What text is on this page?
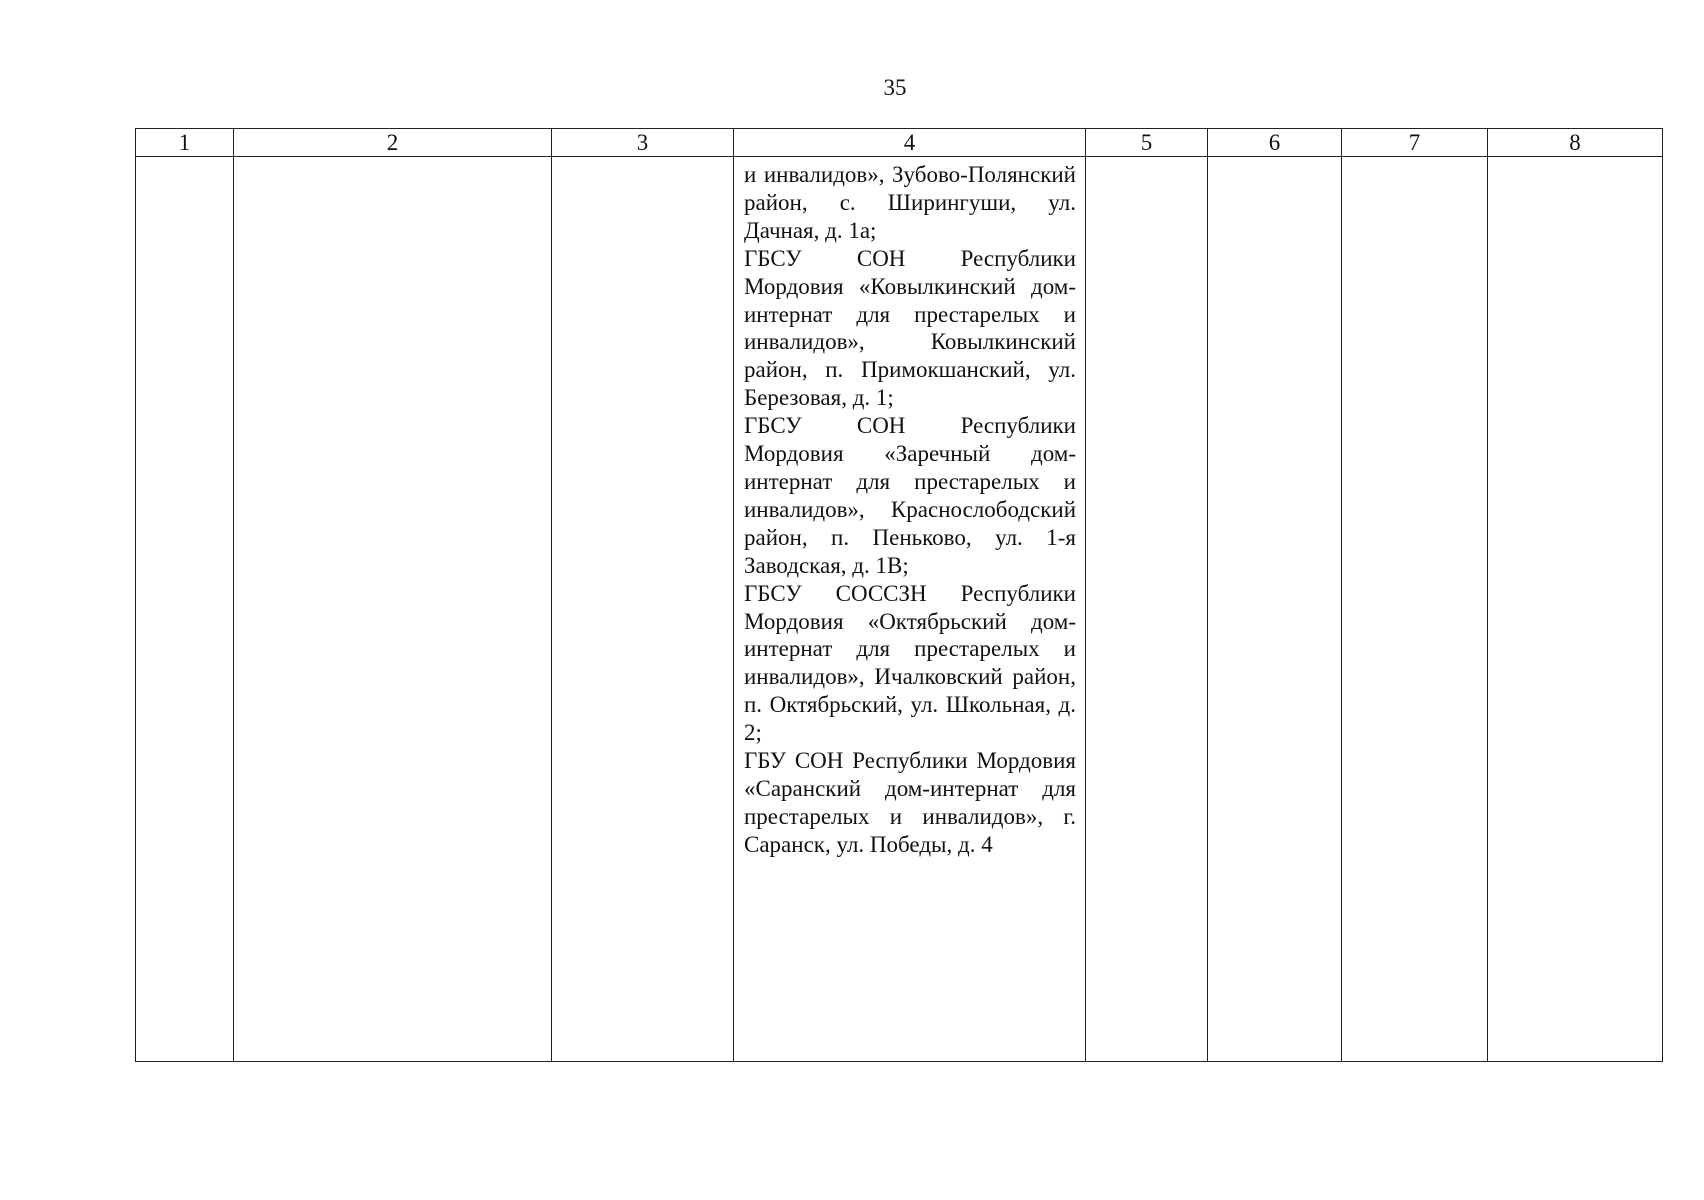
35
1	2	3	4	5	6	7	8

			и инвалидов», Зубово-Полянский район, с. Ширингуши, ул. Дачная, д. 1а;
ГБСУ СОН Республики Мордовия «Ковылкинский дом-интернат для престарелых и инвалидов», Ковылкинский район, п. Примокшанский, ул. Березовая, д. 1;
ГБСУ СОН Республики Мордовия «Заречный дом-интернат для престарелых и инвалидов», Краснослободский район, п. Пеньково, ул. 1-я Заводская, д. 1В;
ГБСУ СОССЗН Республики Мордовия «Октябрьский дом-интернат для престарелых и инвалидов», Ичалковский район, п. Октябрьский, ул. Школьная, д. 2;
ГБУ СОН Республики Мордовия «Саранский дом-интернат для престарелых и инвалидов», г. Саранск, ул. Победы, д. 4				
